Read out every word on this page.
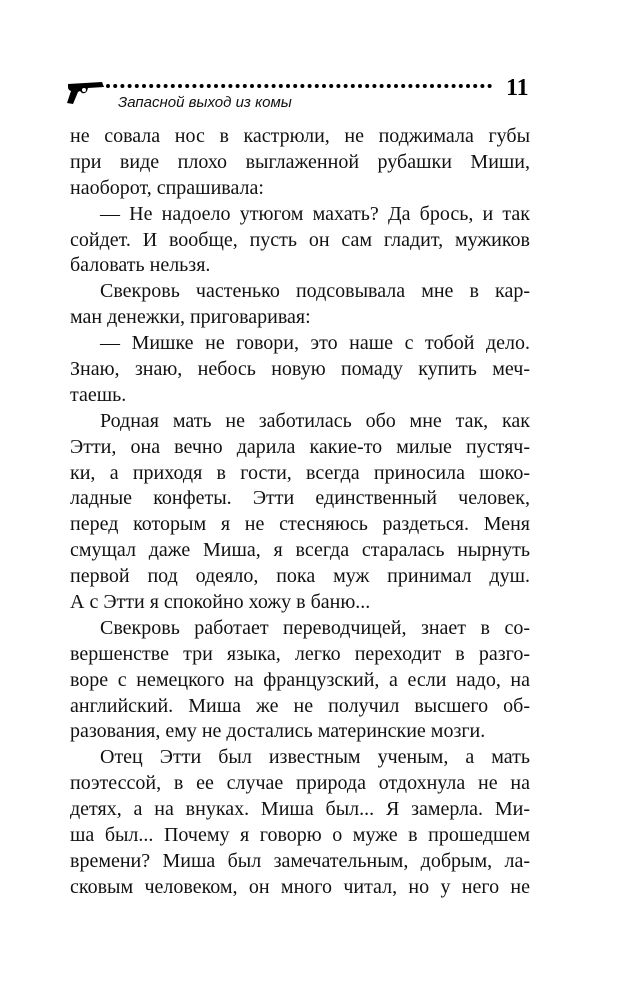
Запасной выход из комы
11
не совала нос в кастрюли, не поджимала губы
при виде плохо выглаженной рубашки Миши,
наоборот, спрашивала:
— Не надоело утюгом махать? Да брось, и так
сойдет. И вообще, пусть он сам гладит, мужиков
баловать нельзя.
Свекровь частенько подсовывала мне в кар-
ман денежки, приговаривая:
— Мишке не говори, это наше с тобой дело.
Знаю, знаю, небось новую помаду купить меч-
таешь.
Родная мать не заботилась обо мне так, как
Этти, она вечно дарила какие-то милые пустяч-
ки, а приходя в гости, всегда приносила шоко-
ладные конфеты. Этти единственный человек,
перед которым я не стесняюсь раздеться. Меня
смущал даже Миша, я всегда старалась нырнуть
первой под одеяло, пока муж принимал душ.
А с Этти я спокойно хожу в баню...
Свекровь работает переводчицей, знает в со-
вершенстве три языка, легко переходит в разго-
воре с немецкого на французский, а если надо, на
английский. Миша же не получил высшего об-
разования, ему не достались материнские мозги.
Отец Этти был известным ученым, а мать
поэтессой, в ее случае природа отдохнула не на
детях, а на внуках. Миша был... Я замерла. Ми-
ша был... Почему я говорю о муже в прошедшем
времени? Миша был замечательным, добрым, ла-
сковым человеком, он много читал, но у него не
